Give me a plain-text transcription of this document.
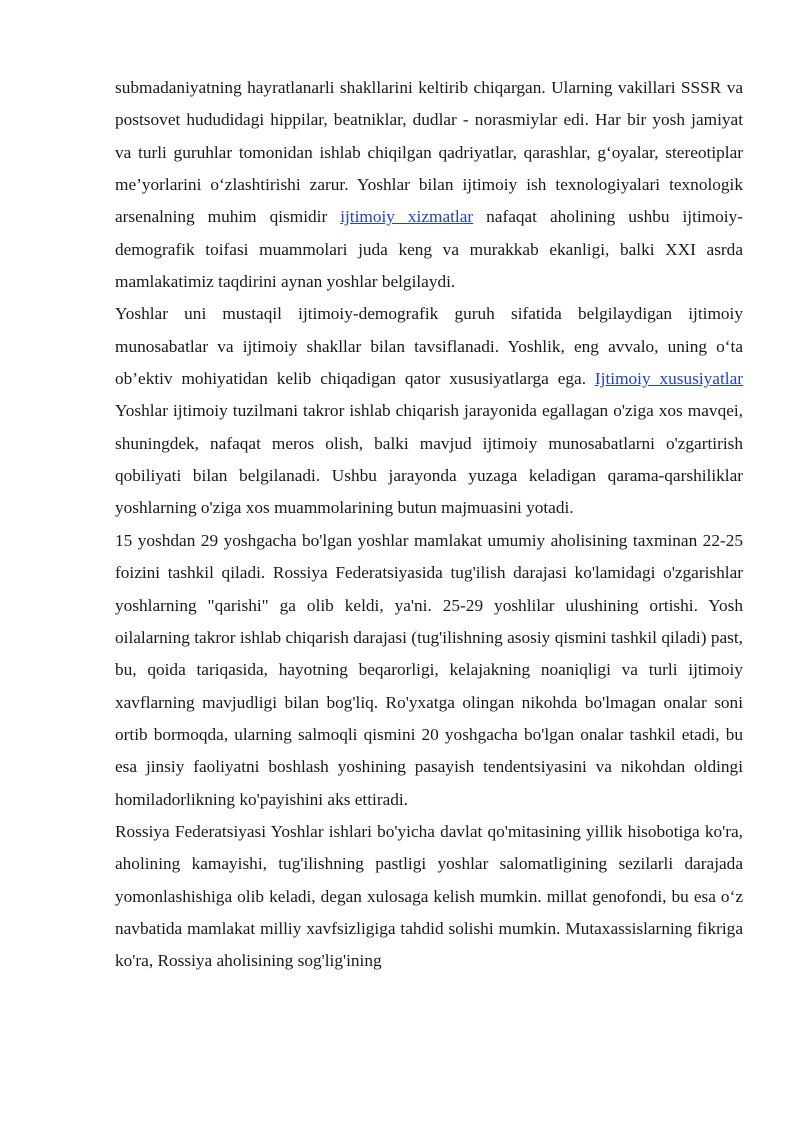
submadaniyatning hayratlanarli shakllarini keltirib chiqargan. Ularning vakillari SSSR va postsovet hududidagi hippilar, beatniklar, dudlar - norasmiylar edi. Har bir yosh jamiyat va turli guruhlar tomonidan ishlab chiqilgan qadriyatlar, qarashlar, g‘oyalar, stereotiplar me’yorlarini o‘zlashtirishi zarur. Yoshlar bilan ijtimoiy ish texnologiyalari texnologik arsenalning muhim qismidir ijtimoiy xizmatlar nafaqat aholining ushbu ijtimoiy-demografik toifasi muammolari juda keng va murakkab ekanligi, balki XXI asrda mamlakatimiz taqdirini aynan yoshlar belgilaydi.

Yoshlar uni mustaqil ijtimoiy-demografik guruh sifatida belgilaydigan ijtimoiy munosabatlar va ijtimoiy shakllar bilan tavsiflanadi. Yoshlik, eng avvalo, uning o‘ta ob’ektiv mohiyatidan kelib chiqadigan qator xususiyatlarga ega. Ijtimoiy xususiyatlar Yoshlar ijtimoiy tuzilmani takror ishlab chiqarish jarayonida egallagan o'ziga xos mavqei, shuningdek, nafaqat meros olish, balki mavjud ijtimoiy munosabatlarni o'zgartirish qobiliyati bilan belgilanadi. Ushbu jarayonda yuzaga keladigan qarama-qarshiliklar yoshlarning o'ziga xos muammolarining butun majmuasini yotadi.

15 yoshdan 29 yoshgacha bo'lgan yoshlar mamlakat umumiy aholisining taxminan 22-25 foizini tashkil qiladi. Rossiya Federatsiyasida tug'ilish darajasi ko'lamidagi o'zgarishlar yoshlarning "qarishi" ga olib keldi, ya'ni. 25-29 yoshlilar ulushining ortishi. Yosh oilalarning takror ishlab chiqarish darajasi (tug'ilishning asosiy qismini tashkil qiladi) past, bu, qoida tariqasida, hayotning beqarorligi, kelajakning noaniqligi va turli ijtimoiy xavflarning mavjudligi bilan bog'liq. Ro'yxatga olingan nikohda bo'lmagan onalar soni ortib bormoqda, ularning salmoqli qismini 20 yoshgacha bo'lgan onalar tashkil etadi, bu esa jinsiy faoliyatni boshlash yoshining pasayish tendentsiyasini va nikohdan oldingi homiladorlikning ko'payishini aks ettiradi.

Rossiya Federatsiyasi Yoshlar ishlari bo'yicha davlat qo'mitasining yillik hisobotiga ko'ra, aholining kamayishi, tug'ilishning pastligi yoshlar salomatligining sezilarli darajada yomonlashishiga olib keladi, degan xulosaga kelish mumkin. millat genofondi, bu esa o‘z navbatida mamlakat milliy xavfsizligiga tahdid solishi mumkin. Mutaxassislarning fikriga ko'ra, Rossiya aholisining sog'lig'ining
